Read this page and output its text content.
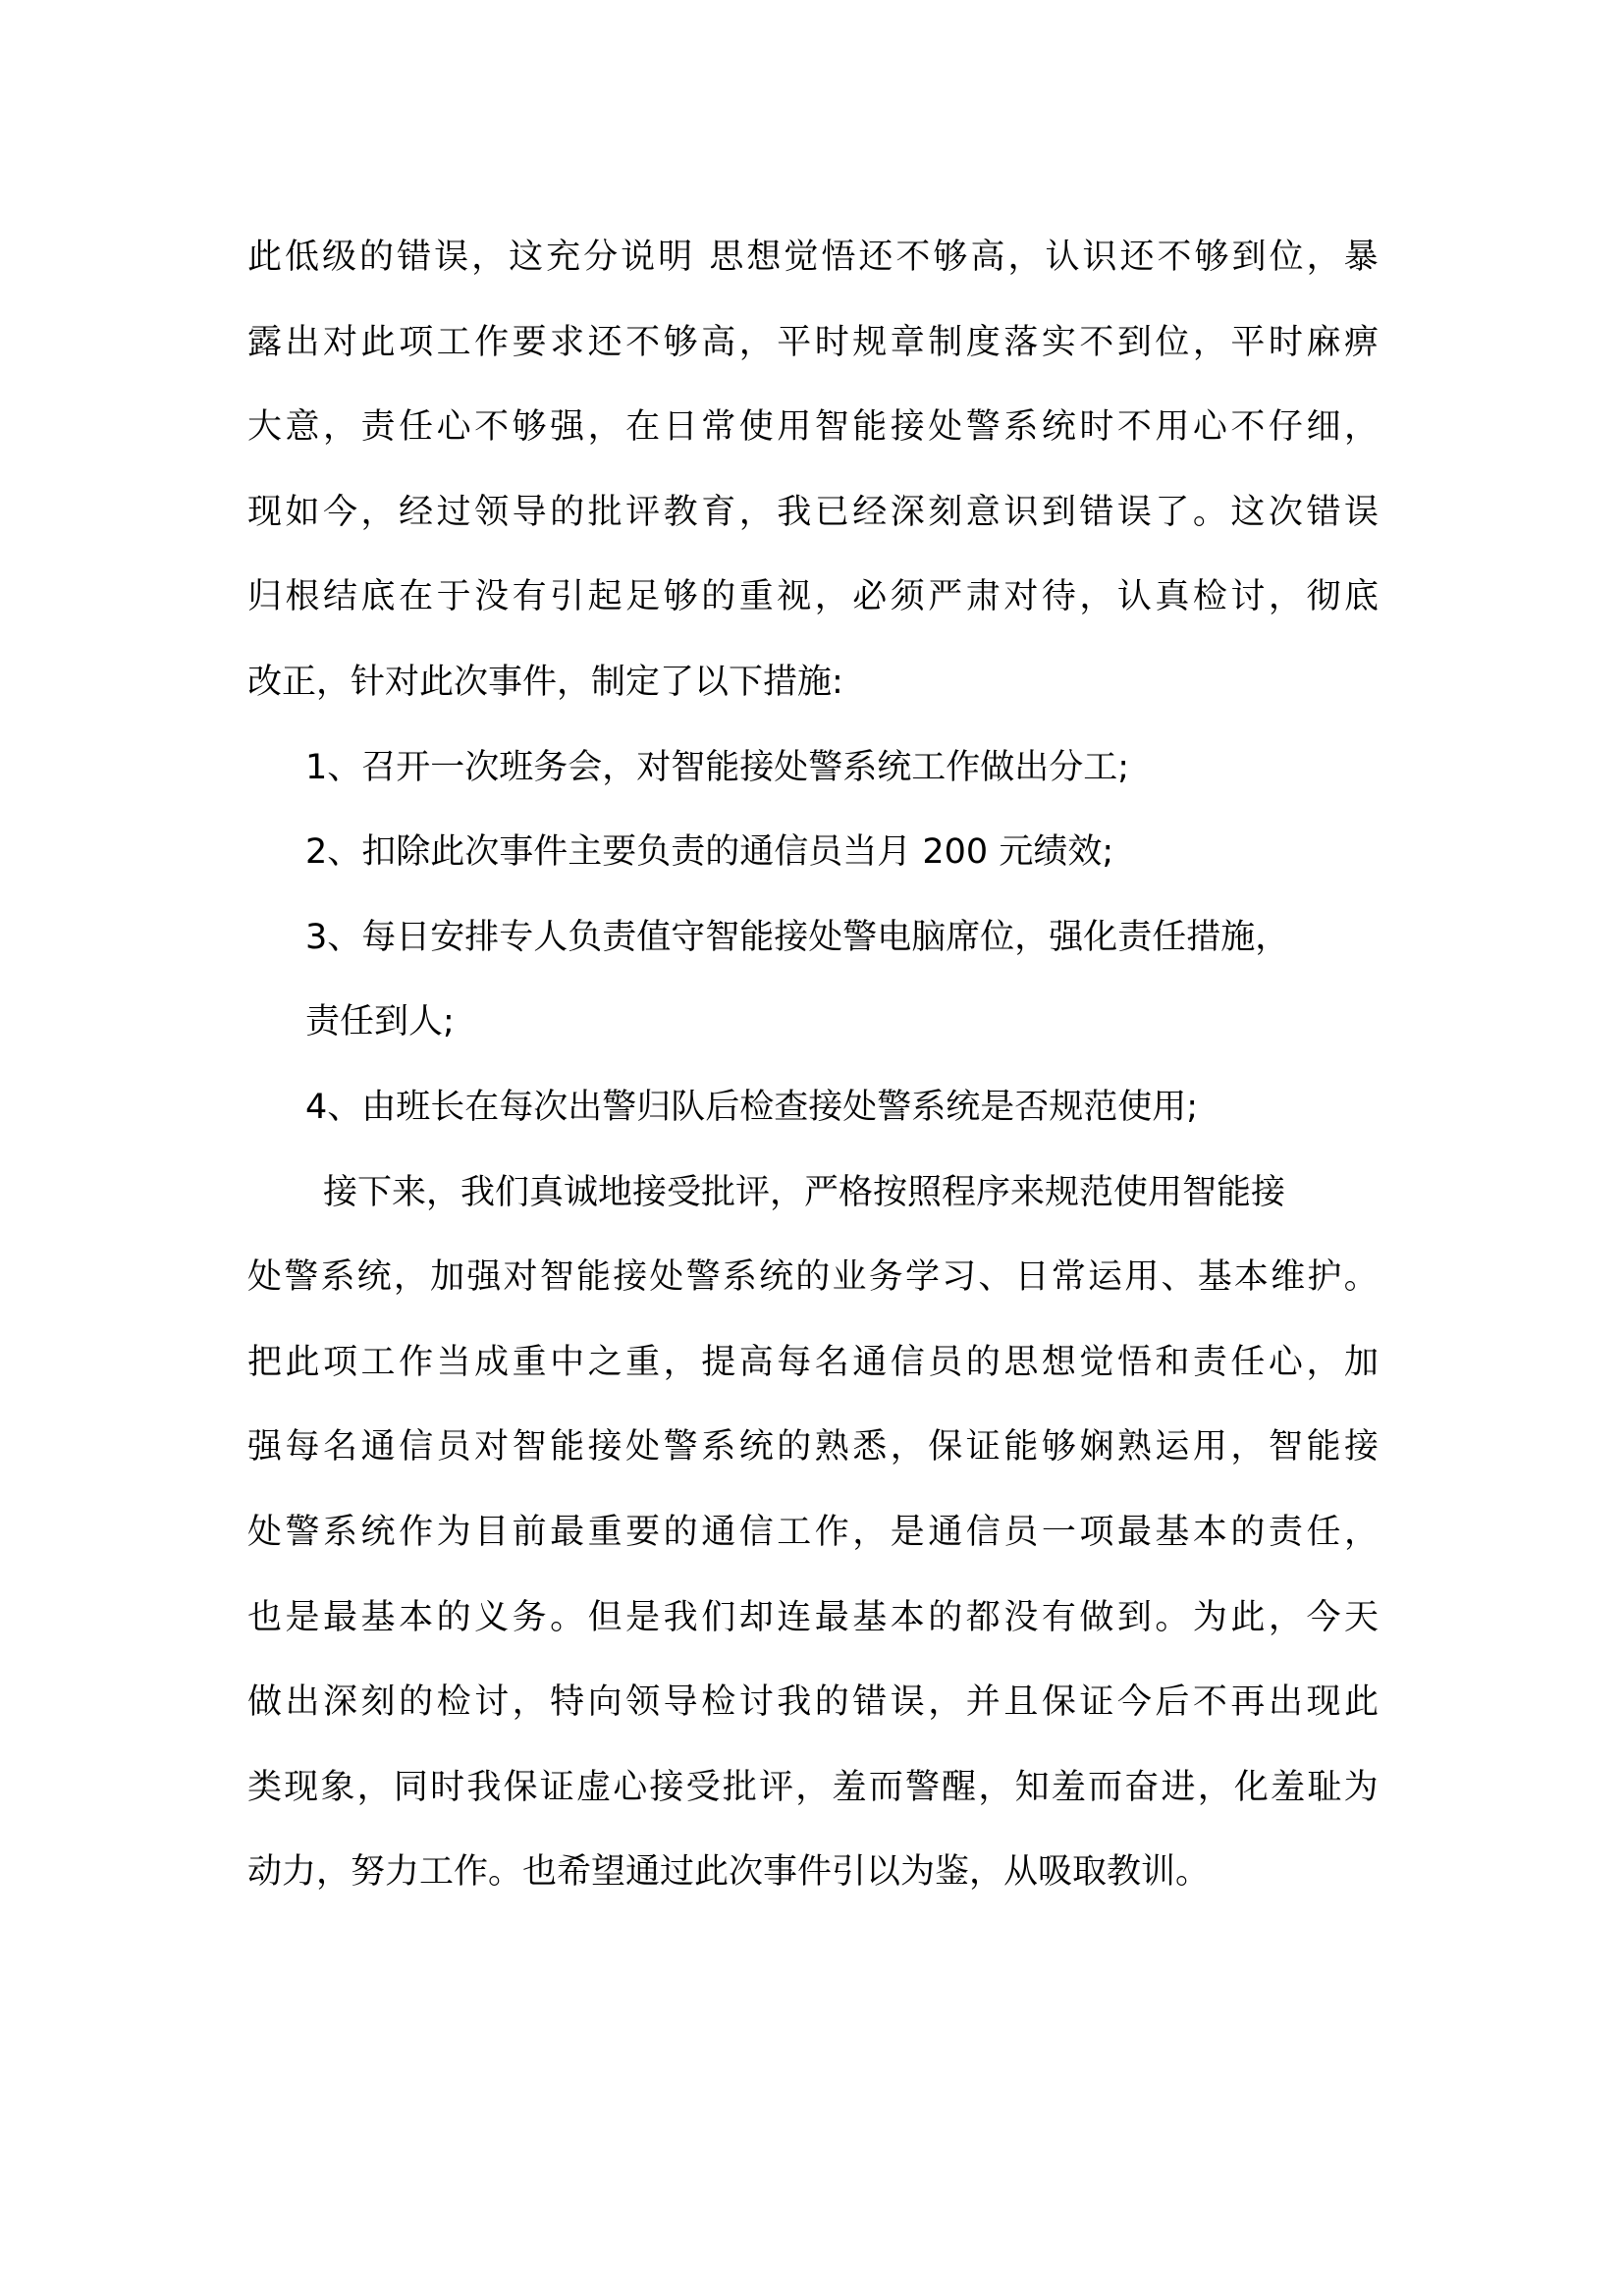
此 低 级 的 错 误 ， 这 充 分 说 明
思 想 觉 悟 还 不 够 高 ， 认 识 还 不 够 到 位 ， 暴
露 出 对 此 项 工 作 要 求 还 不 够 高 ， 平 时 规 章 制 度 落 实 不 到 位 ， 平 时 麻 痹
大 意 ， 责 任 心 不 够 强 ， 在 日 常 使 用 智 能 接 处 警 系 统 时 不 用 心 不 仔 细 ，
现 如 今 ， 经 过 领 导 的 批 评 教 育 ， 我 已 经 深 刻 意 识 到 错 误 了 。 这 次 错 误
归 根 结 底 在 于 没 有 引 起 足 够 的 重 视 ， 必 须 严 肃 对 待 ， 认 真 检 讨 ， 彻 底
改正，针对此次事件，制定了以下措施:
1、召开一次班务会，对智能接处警系统工作做出分工;
2、扣除此次事件主要负责的通信员当月 200 元绩效;
3、每日安排专人负责值守智能接处警电脑席位，强化责任措施，
责任到人;
4、由班长在每次出警归队后检查接处警系统是否规范使用;
接下来，我们真诚地接受批评，严格按照程序来规范使用智能接
处 警 系 统 ， 加 强 对 智 能 接 处 警 系 统 的 业 务 学 习 、 日 常 运 用 、 基 本 维 护 。
把 此 项 工 作 当 成 重 中 之 重 ， 提 高 每 名 通 信 员 的 思 想 觉 悟 和 责 任 心 ， 加
强 每 名 通 信 员 对 智 能 接 处 警 系 统 的 熟 悉 ， 保 证 能 够 娴 熟 运 用 ， 智 能 接
处 警 系 统 作 为 目 前 最 重 要 的 通 信 工 作 ， 是 通 信 员 一 项 最 基 本 的 责 任 ，
也 是 最 基 本 的 义 务 。 但 是 我 们 却 连 最 基 本 的 都 没 有 做 到 。 为 此 ， 今 天
做 出 深 刻 的 检 讨 ， 特 向 领 导 检 讨 我 的 错 误 ， 并 且 保 证 今 后 不 再 出 现 此
类 现 象 ， 同 时 我 保 证 虚 心 接 受 批 评 ， 羞 而 警 醒 ， 知 羞 而 奋 进 ， 化 羞 耻 为
动力，努力工作。也希望通过此次事件引以为鉴，从吸取教训。
